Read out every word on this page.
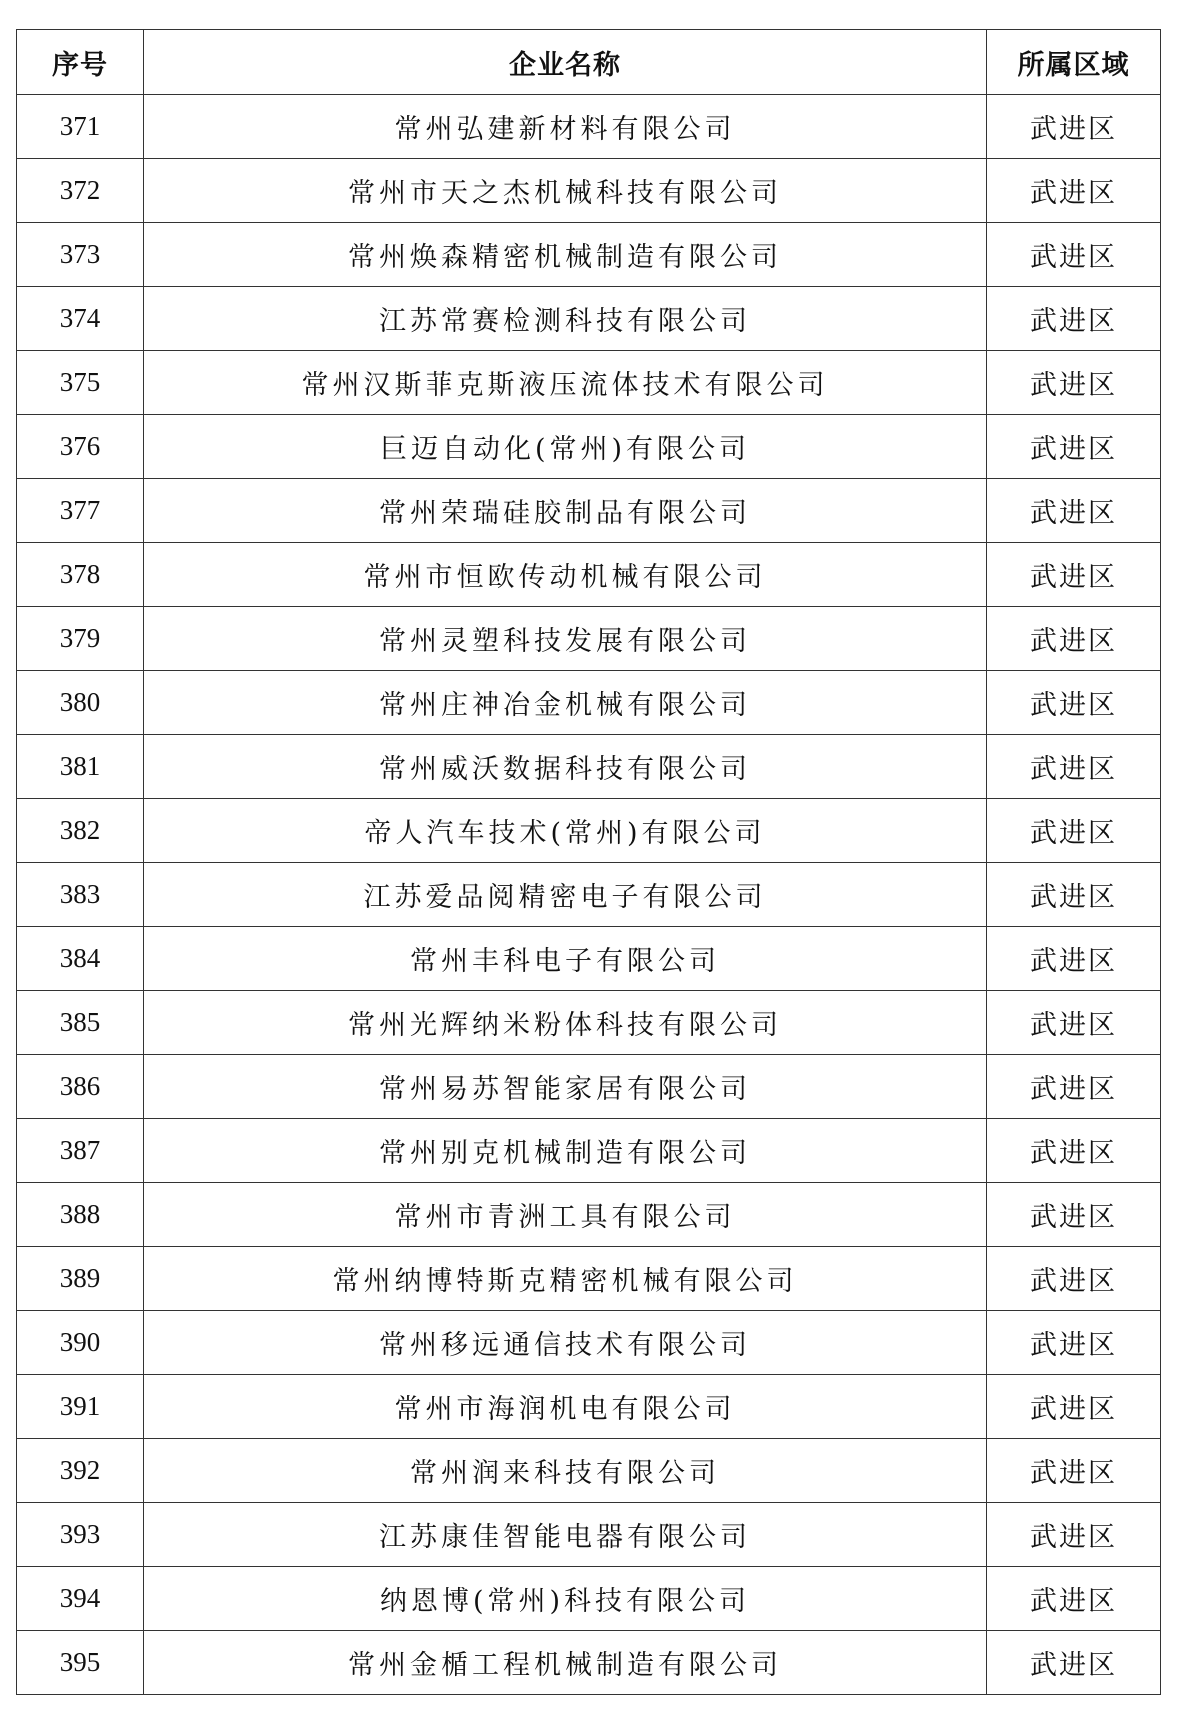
序号	企业名称	所属区域
371	常州弘建新材料有限公司	武进区
372	常州市天之杰机械科技有限公司	武进区
373	常州焕森精密机械制造有限公司	武进区
374	江苏常赛检测科技有限公司	武进区
375	常州汉斯菲克斯液压流体技术有限公司	武进区
376	巨迈自动化(常州)有限公司	武进区
377	常州荣瑞硅胶制品有限公司	武进区
378	常州市恒欧传动机械有限公司	武进区
379	常州灵塑科技发展有限公司	武进区
380	常州庄神冶金机械有限公司	武进区
381	常州威沃数据科技有限公司	武进区
382	帝人汽车技术(常州)有限公司	武进区
383	江苏爱品阅精密电子有限公司	武进区
384	常州丰科电子有限公司	武进区
385	常州光辉纳米粉体科技有限公司	武进区
386	常州易苏智能家居有限公司	武进区
387	常州别克机械制造有限公司	武进区
388	常州市青洲工具有限公司	武进区
389	常州纳博特斯克精密机械有限公司	武进区
390	常州移远通信技术有限公司	武进区
391	常州市海润机电有限公司	武进区
392	常州润来科技有限公司	武进区
393	江苏康佳智能电器有限公司	武进区
394	纳恩博(常州)科技有限公司	武进区
395	常州金楯工程机械制造有限公司	武进区
